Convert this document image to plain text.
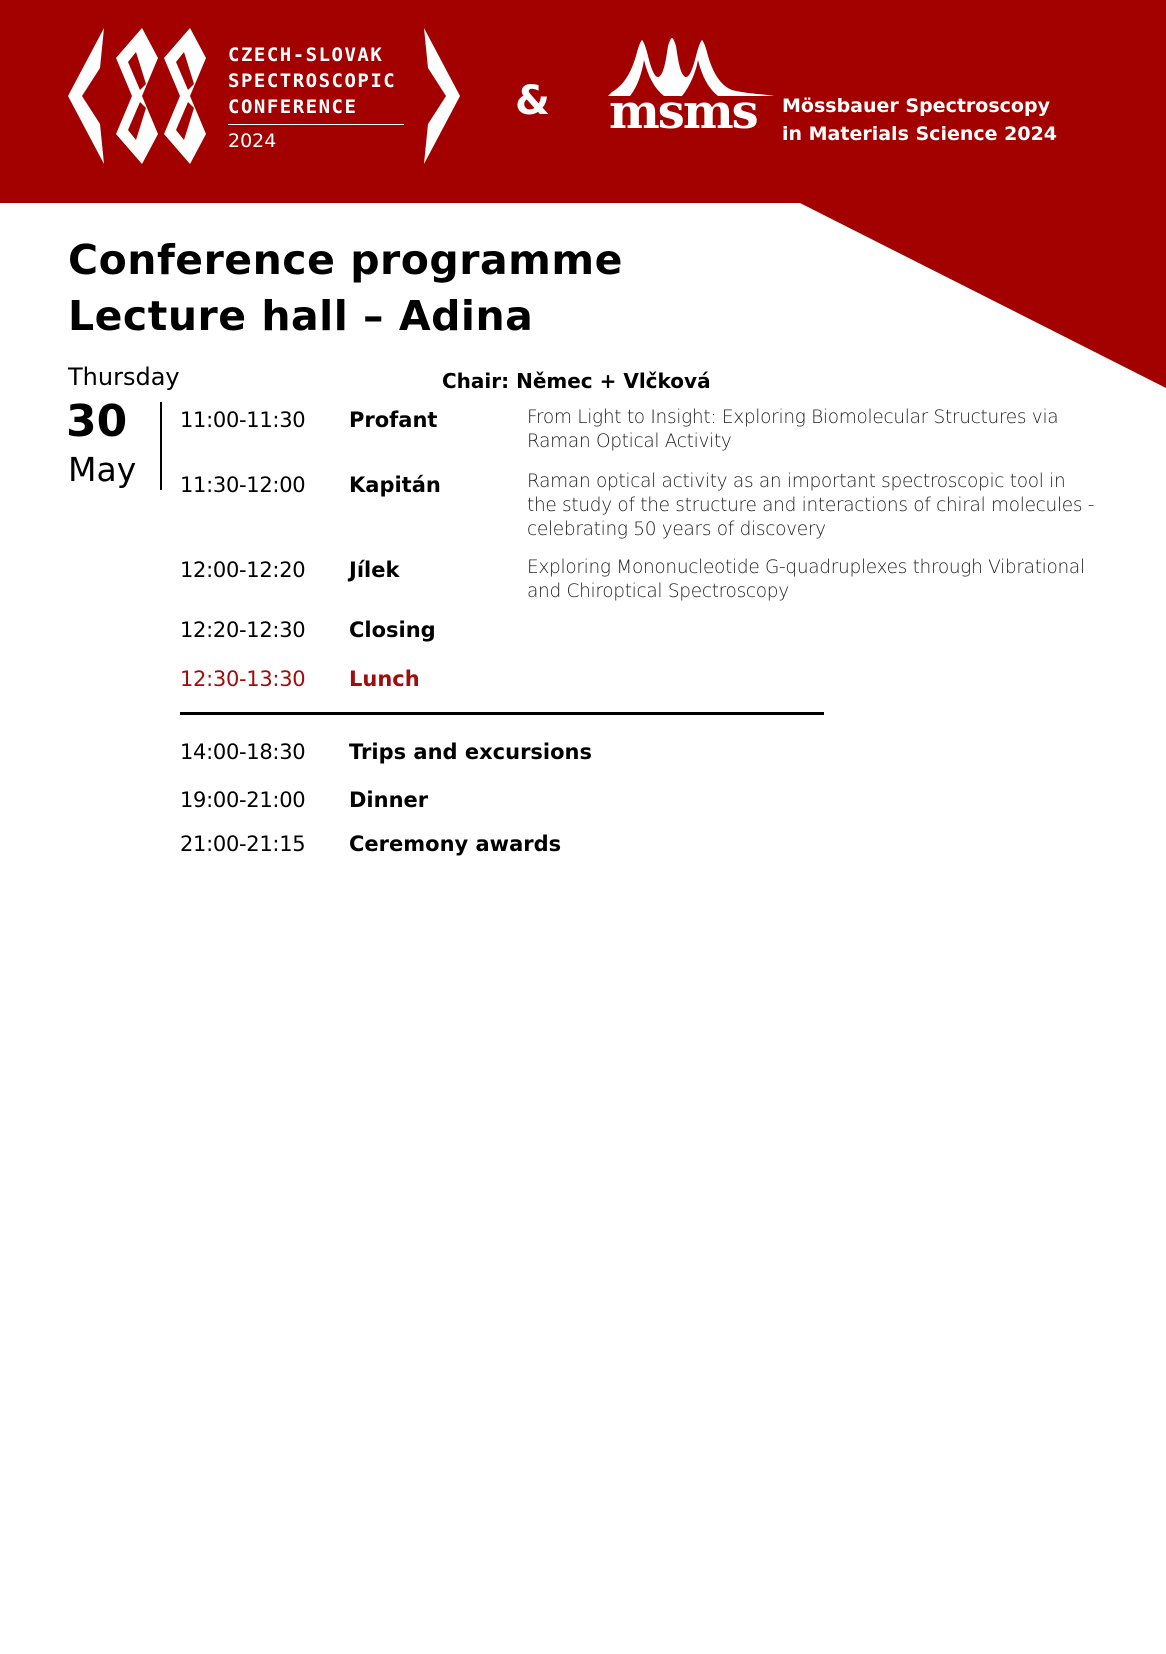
CZECH-SLOVAK
SPECTROSCOPIC
CONFERENCE
2024
& msms Mössbauer Spectroscopy
in Materials Science 2024
Conference programme
Lecture hall – Adina
Thursday
30
May
Chair: Němec + Vlčková
11:00-11:30 Profant	From Light to Insight: Exploring Biomolecular Structures via Raman Optical Activity
11:30-12:00 Kapitán	Raman optical activity as an important spectroscopic tool in the study of the structure and interactions of chiral molecules - celebrating 50 years of discovery
12:00-12:20 Jílek	Exploring Mononucleotide G-quadruplexes through Vibrational and Chiroptical Spectroscopy
12:20-12:30 Closing
12:30-13:30 Lunch
14:00-18:30 Trips and excursions
19:00-21:00 Dinner
21:00-21:15 Ceremony awards
